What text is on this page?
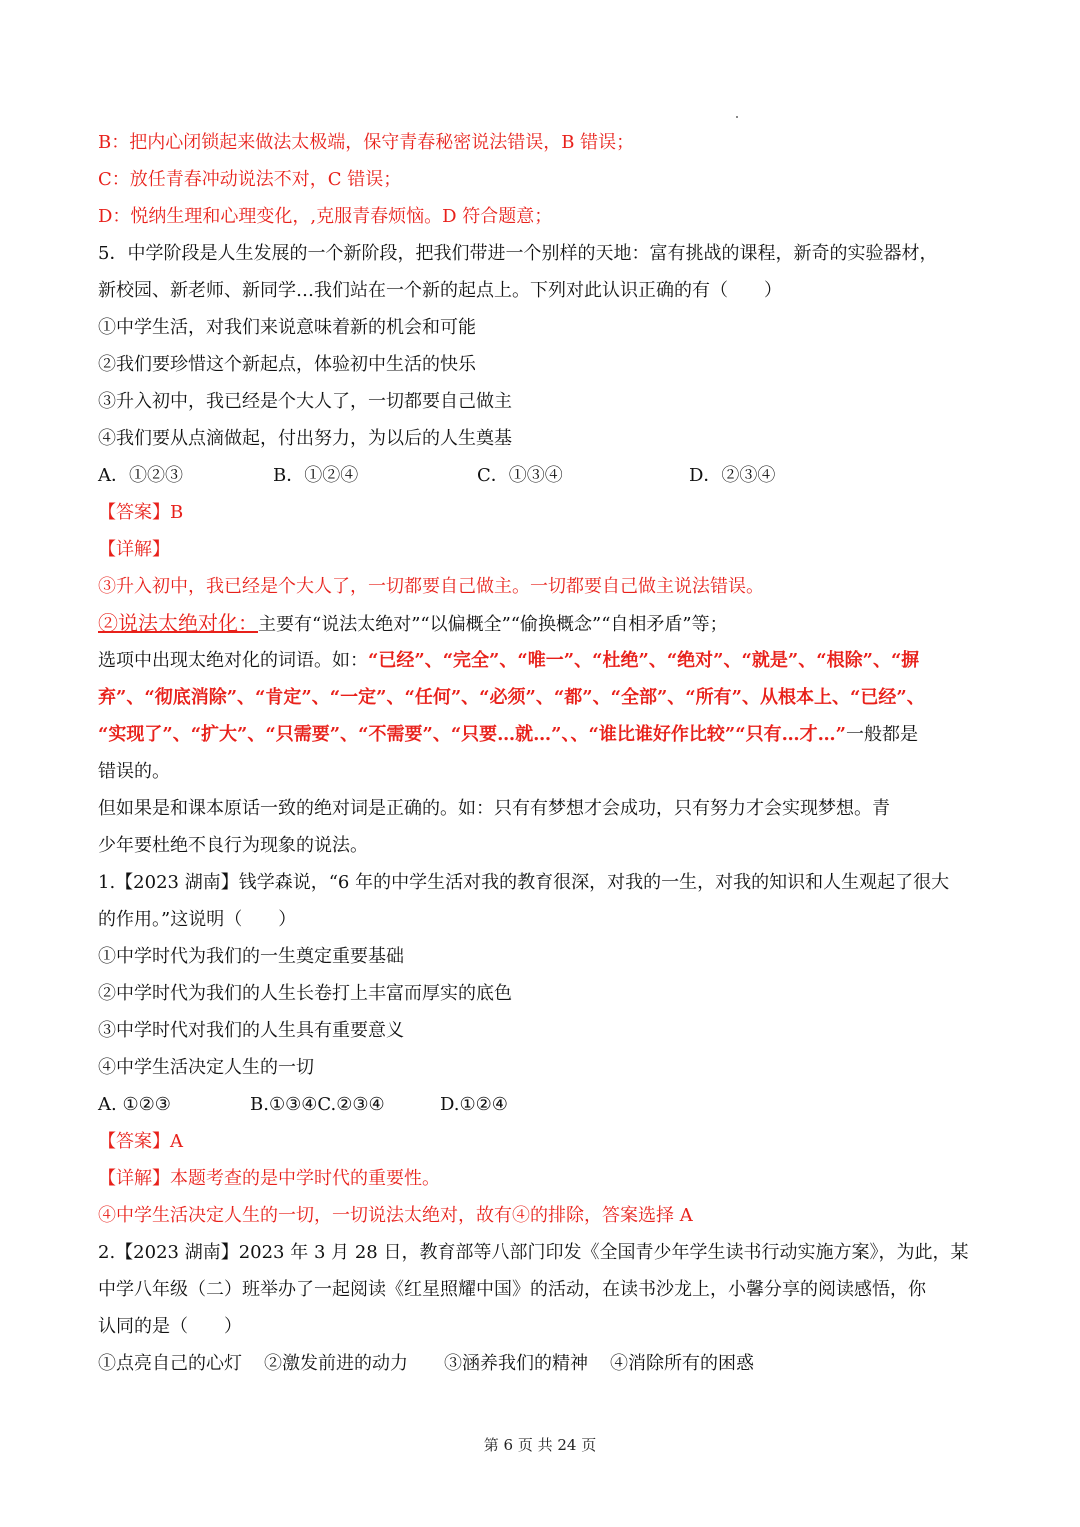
B：把内心闭锁起来做法太极端，保守青春秘密说法错误，B 错误；
C：放任青春冲动说法不对，C 错误；
D：悦纳生理和心理变化，,克服青春烦恼。D 符合题意；
5．中学阶段是人生发展的一个新阶段，把我们带进一个别样的天地：富有挑战的课程，新奇的实验器材，
新校园、新老师、新同学…我们站在一个新的起点上。下列对此认识正确的有（　　）
①中学生活，对我们来说意味着新的机会和可能
②我们要珍惜这个新起点，体验初中生活的快乐
③升入初中，我已经是个大人了，一切都要自己做主
④我们要从点滴做起，付出努力，为以后的人生奠基
A．①②③	B．①②④	C．①③④	D．②③④
【答案】B
【详解】
③升入初中，我已经是个大人了，一切都要自己做主。一切都要自己做主说法错误。
②说法太绝对化：主要有“说法太绝对”“以偏概全”“偷换概念”“自相矛盾”等；
选项中出现太绝对化的词语。如：“已经”、“完全”、“唯一”、“杜绝”、“绝对”、“就是”、“根除”、“摒
弃”、“彻底消除”、“肯定”、“一定”、“任何”、“必须”、“都”、“全部”、“所有”、从根本上、“已经”、
“实现了”、“扩大”、“只需要”、“不需要”、“只要…就…”、、“谁比谁好作比较”“只有…才…”一般都是
错误的。
但如果是和课本原话一致的绝对词是正确的。如：只有有梦想才会成功，只有努力才会实现梦想。青
少年要杜绝不良行为现象的说法。
1.【2023 湖南】钱学森说，“6 年的中学生活对我的教育很深，对我的一生，对我的知识和人生观起了很大
的作用。”这说明（　　）
①中学时代为我们的一生奠定重要基础
②中学时代为我们的人生长卷打上丰富而厚实的底色
③中学时代对我们的人生具有重要意义
④中学生活决定人生的一切
A. ①②③	B.①③④C.②③④	D.①②④
【答案】A
【详解】本题考查的是中学时代的重要性。
④中学生活决定人生的一切，一切说法太绝对，故有④的排除，答案选择 A
2.【2023 湖南】2023 年 3 月 28 日，教育部等八部门印发《全国青少年学生读书行动实施方案》，为此，某
中学八年级（二）班举办了一起阅读《红星照耀中国》的活动，在读书沙龙上，小馨分享的阅读感悟，你
认同的是（　　）
①点亮自己的心灯 ②激发前进的动力 ③涵养我们的精神 ④消除所有的困惑
第 6 页 共 24 页
